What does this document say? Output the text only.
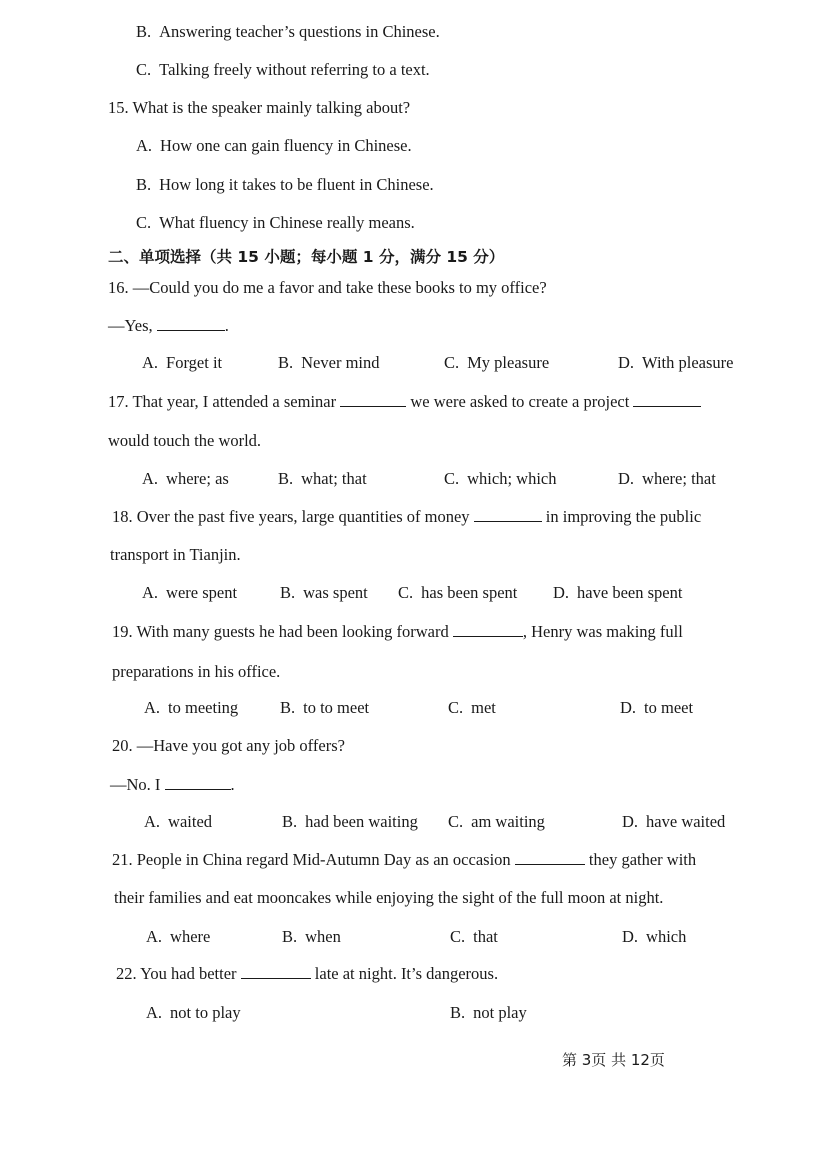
B. Answering teacher’s questions in Chinese.
C. Talking freely without referring to a text.
15. What is the speaker mainly talking about?
A. How one can gain fluency in Chinese.
B. How long it takes to be fluent in Chinese.
C. What fluency in Chinese really means.
二、单项选择（共 15 小题；每小题 1 分，满分 15 分）
16. —Could you do me a favor and take these books to my office?
—Yes,	.
A. Forget it	B. Never mind	C. My pleasure	D. With pleasure
17. That year, I attended a seminar	we were asked to create a project
would touch the world.
A. where; as	B. what; that	C. which; which	D. where; that
18. Over the past five years, large quantities of money	in improving the public
transport in Tianjin.
A. were spent	B. was spent C. has been spent D. have been spent
19. With many guests he had been looking forward	, Henry was making full
preparations in his office.
A. to meeting	B. to to meet	C. met	D. to meet
20. —Have you got any job offers?
—No. I	.
A. waited	B. had been waiting C. am waiting	D. have waited
21. People in China regard Mid-Autumn Day as an occasion	they gather with
their families and eat mooncakes while enjoying the sight of the full moon at night.
A. where	B. when	C. that	D. which
22. You had better	late at night. It’s dangerous.
A. not to play	B. not play
第 3页 共 12页
